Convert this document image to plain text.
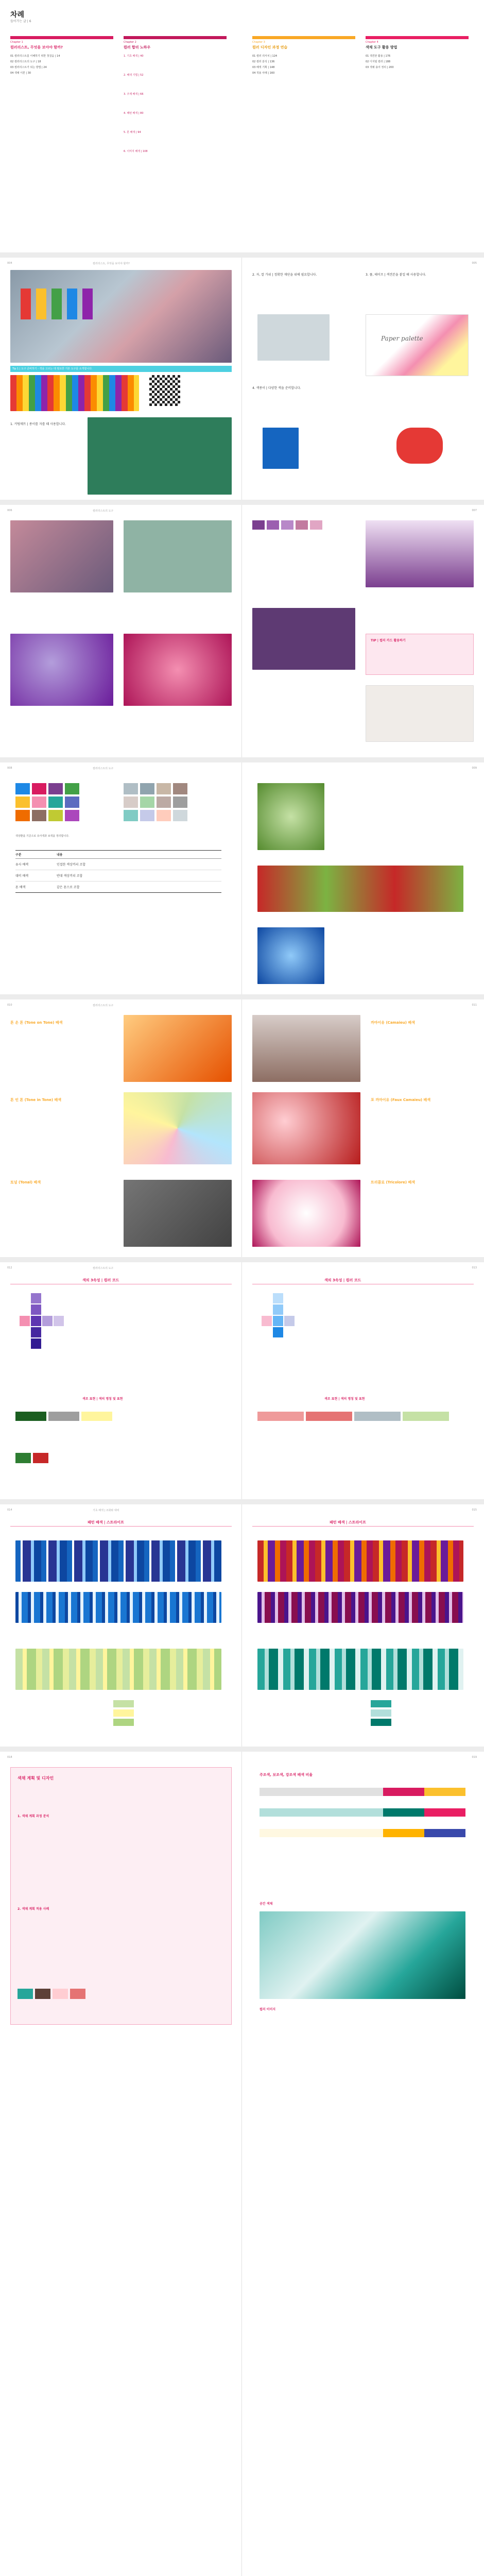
차례
들어가는 글 | 6
Chapter 1
컬러리스트, 무엇을 보아야 할까?
01 컬러리스트를 이해하기 위한 첫걸음 | 14
02 컬러리스트의 도구 | 18
03 컬러리스트가 되는 방법 | 24
04 색채 이론 | 30
Chapter 2
컬러 합리 노하우
1. 기초 배색 | 40
2. 배색 기법 | 52
3. 주제 배색 | 66
4. 패턴 배색 | 80
5. 톤 배색 | 94
6. 이미지 배색 | 108
Chapter 3
컬러 디자인 과정 연습
01 컬러 리서치 | 124
02 컬러 분석 | 136
03 배색 기획 | 148
04 적용 사례 | 160
Chapter 4
색채 도구 활용 방법
01 색견본 활용 | 176
02 디지털 컬러 | 188
03 색채 용어 정리 | 200
004	컬러리스트, 무엇을 보아야 할까?
Tip 1 | 도구 준비하기 - 색을 고르는 데 필요한 기본 도구를 소개합니다.
1. 커팅매트 | 종이를 자를 때 사용합니다.
005
2. 자, 칼 가위 | 정확한 재단을 위해 필요합니다.	3. 풀, 테이프 | 색견본을 붙일 때 사용합니다.
Paper palette
4. 색종이 | 다양한 색을 준비합니다.
006	컬러리스트의 도구	007
TIP | 컬러 카드 활용하기
008	컬러리스트의 도구
색상환을 기준으로 유사색과 보색을 정리합니다.
구분	내용
유사 배색	인접한 색상끼리 조합
대비 배색	반대 색상끼리 조합
톤 배색	같은 톤으로 조합
009
010	컬러리스트의 도구
톤 온 톤 (Tone on Tone) 배색
톤 인 톤 (Tone in Tone) 배색
토널 (Tonal) 배색
011
까마이유 (Camaieu) 배색
포 까마이유 (Faux Camaieu) 배색
트리콜로 (Tricolore) 배색
012	컬러리스트의 도구
색의 3속성 | 컬러 코드
색조 표현 | 색의 명칭 및 표현
013
색의 3속성 | 컬러 코드
색조 표현 | 색의 명칭 및 표현
014	기초 배색 | 조화와 대비
패턴 배색 | 스트라이프
015
패턴 배색 | 스트라이프
018
색채 계획 및 디자인
1. 색채 계획 과정 분석
2. 색채 계획 적용 사례
019
주조색, 보조색, 강조색 배색 비율
공간 색채
컬러 이미지
